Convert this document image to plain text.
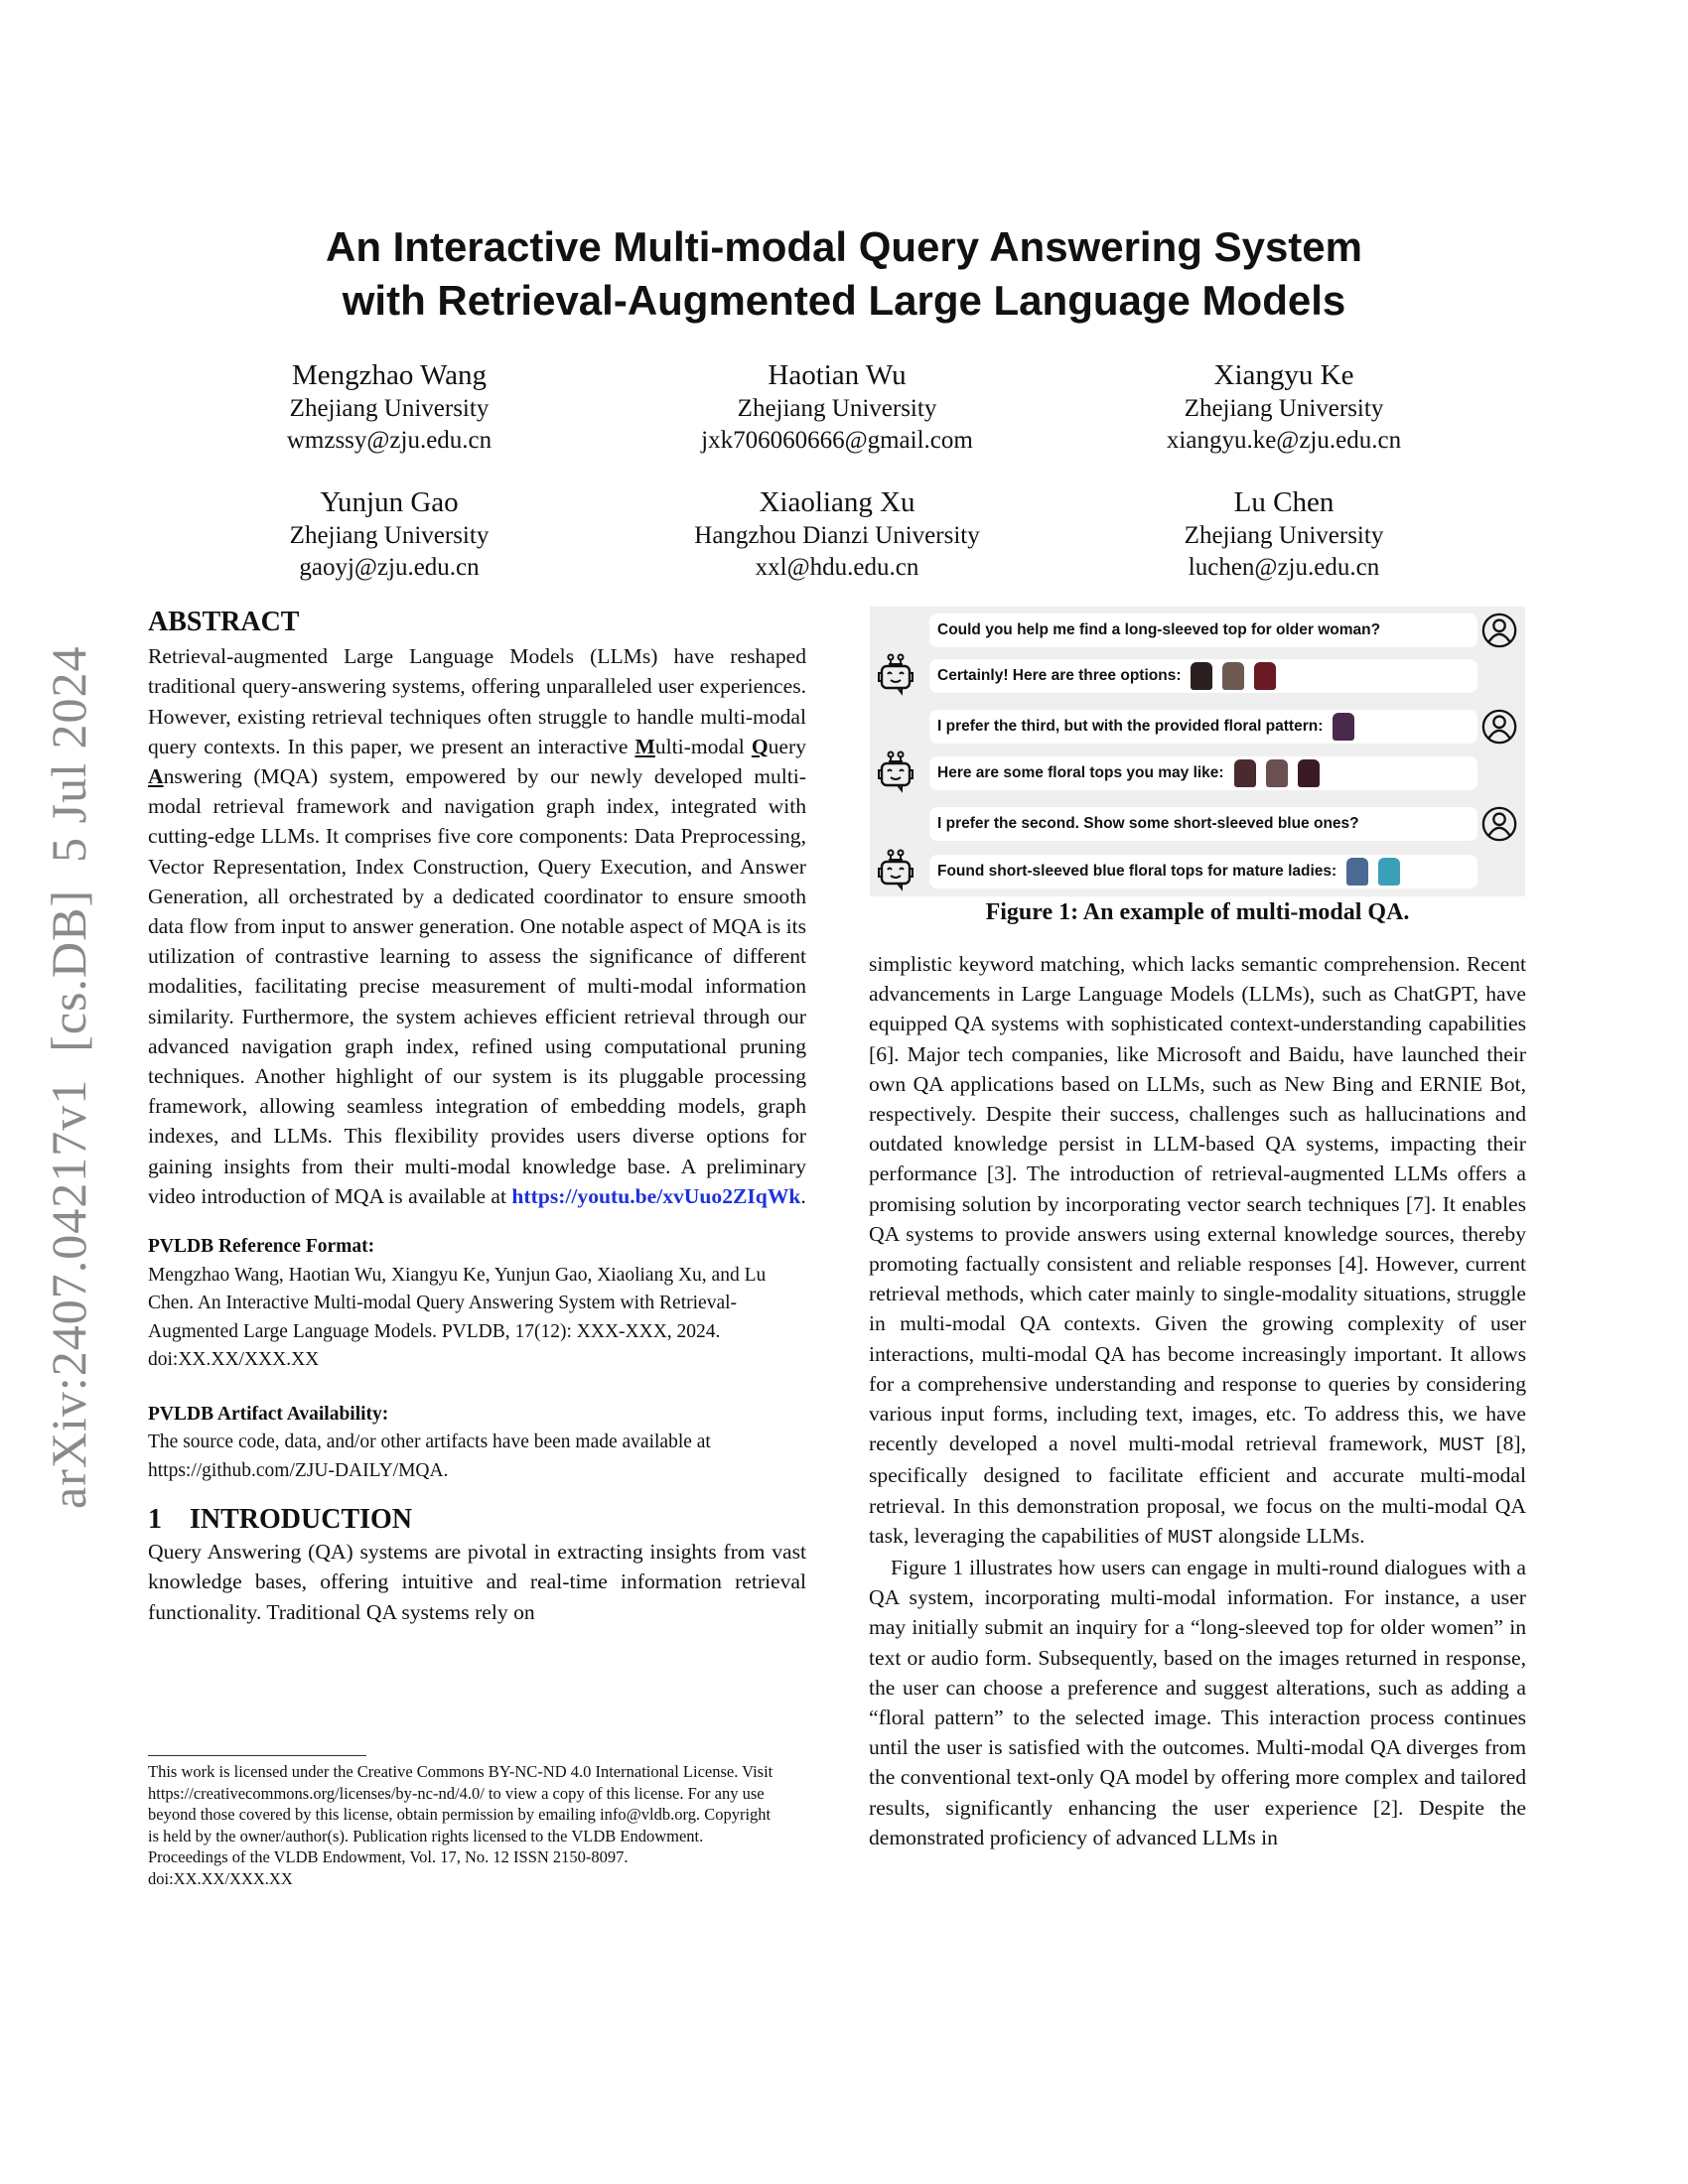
arXiv:2407.04217v1  [cs.DB]  5 Jul 2024
An Interactive Multi-modal Query Answering System
with Retrieval-Augmented Large Language Models
Mengzhao Wang
Zhejiang University
wmzssy@zju.edu.cn
Haotian Wu
Zhejiang University
jxk706060666@gmail.com
Xiangyu Ke
Zhejiang University
xiangyu.ke@zju.edu.cn
Yunjun Gao
Zhejiang University
gaoyj@zju.edu.cn
Xiaoliang Xu
Hangzhou Dianzi University
xxl@hdu.edu.cn
Lu Chen
Zhejiang University
luchen@zju.edu.cn
ABSTRACT

Retrieval-augmented Large Language Models (LLMs) have reshaped traditional query-answering systems, offering unparalleled user experiences. However, existing retrieval techniques often struggle to handle multi-modal query contexts. In this paper, we present an interactive Multi-modal Query Answering (MQA) system, empowered by our newly developed multi-modal retrieval framework and navigation graph index, integrated with cutting-edge LLMs. It comprises five core components: Data Preprocessing, Vector Representation, Index Construction, Query Execution, and Answer Generation, all orchestrated by a dedicated coordinator to ensure smooth data flow from input to answer generation. One notable aspect of MQA is its utilization of contrastive learning to assess the significance of different modalities, facilitating precise measurement of multi-modal information similarity. Furthermore, the system achieves efficient retrieval through our advanced navigation graph index, refined using computational pruning techniques. Another highlight of our system is its pluggable processing framework, allowing seamless integration of embedding models, graph indexes, and LLMs. This flexibility provides users diverse options for gaining insights from their multi-modal knowledge base. A preliminary video introduction of MQA is available at https://youtu.be/xvUuo2ZIqWk.

PVLDB Reference Format:

Mengzhao Wang, Haotian Wu, Xiangyu Ke, Yunjun Gao, Xiaoliang Xu, and Lu Chen. An Interactive Multi-modal Query Answering System with Retrieval-Augmented Large Language Models. PVLDB, 17(12): XXX-XXX, 2024.

doi:XX.XX/XXX.XX

PVLDB Artifact Availability:

The source code, data, and/or other artifacts have been made available at https://github.com/ZJU-DAILY/MQA.

1    INTRODUCTION

Query Answering (QA) systems are pivotal in extracting insights from vast knowledge bases, offering intuitive and real-time information retrieval functionality. Traditional QA systems rely on

This work is licensed under the Creative Commons BY-NC-ND 4.0 International License. Visit https://creativecommons.org/licenses/by-nc-nd/4.0/ to view a copy of this license. For any use beyond those covered by this license, obtain permission by emailing info@vldb.org. Copyright is held by the owner/author(s). Publication rights licensed to the VLDB Endowment.

Proceedings of the VLDB Endowment, Vol. 17, No. 12 ISSN 2150-8097.

doi:XX.XX/XXX.XX

Could you help me find a long-sleeved top for older woman?
Certainly! Here are three options:
I prefer the third, but with the provided floral pattern:
Here are some floral tops you may like:
I prefer the second. Show some short-sleeved blue ones?
Found short-sleeved blue floral tops for mature ladies:
Figure 1: An example of multi-modal QA.

simplistic keyword matching, which lacks semantic comprehension. Recent advancements in Large Language Models (LLMs), such as ChatGPT, have equipped QA systems with sophisticated context-understanding capabilities [6]. Major tech companies, like Microsoft and Baidu, have launched their own QA applications based on LLMs, such as New Bing and ERNIE Bot, respectively. Despite their success, challenges such as hallucinations and outdated knowledge persist in LLM-based QA systems, impacting their performance [3]. The introduction of retrieval-augmented LLMs offers a promising solution by incorporating vector search techniques [7]. It enables QA systems to provide answers using external knowledge sources, thereby promoting factually consistent and reliable responses [4]. However, current retrieval methods, which cater mainly to single-modality situations, struggle in multi-modal QA contexts. Given the growing complexity of user interactions, multi-modal QA has become increasingly important. It allows for a comprehensive understanding and response to queries by considering various input forms, including text, images, etc. To address this, we have recently developed a novel multi-modal retrieval framework, MUST [8], specifically designed to facilitate efficient and accurate multi-modal retrieval. In this demonstration proposal, we focus on the multi-modal QA task, leveraging the capabilities of MUST alongside LLMs.

Figure 1 illustrates how users can engage in multi-round dialogues with a QA system, incorporating multi-modal information. For instance, a user may initially submit an inquiry for a “long-sleeved top for older women” in text or audio form. Subsequently, based on the images returned in response, the user can choose a preference and suggest alterations, such as adding a “floral pattern” to the selected image. This interaction process continues until the user is satisfied with the outcomes. Multi-modal QA diverges from the conventional text-only QA model by offering more complex and tailored results, significantly enhancing the user experience [2]. Despite the demonstrated proficiency of advanced LLMs in
